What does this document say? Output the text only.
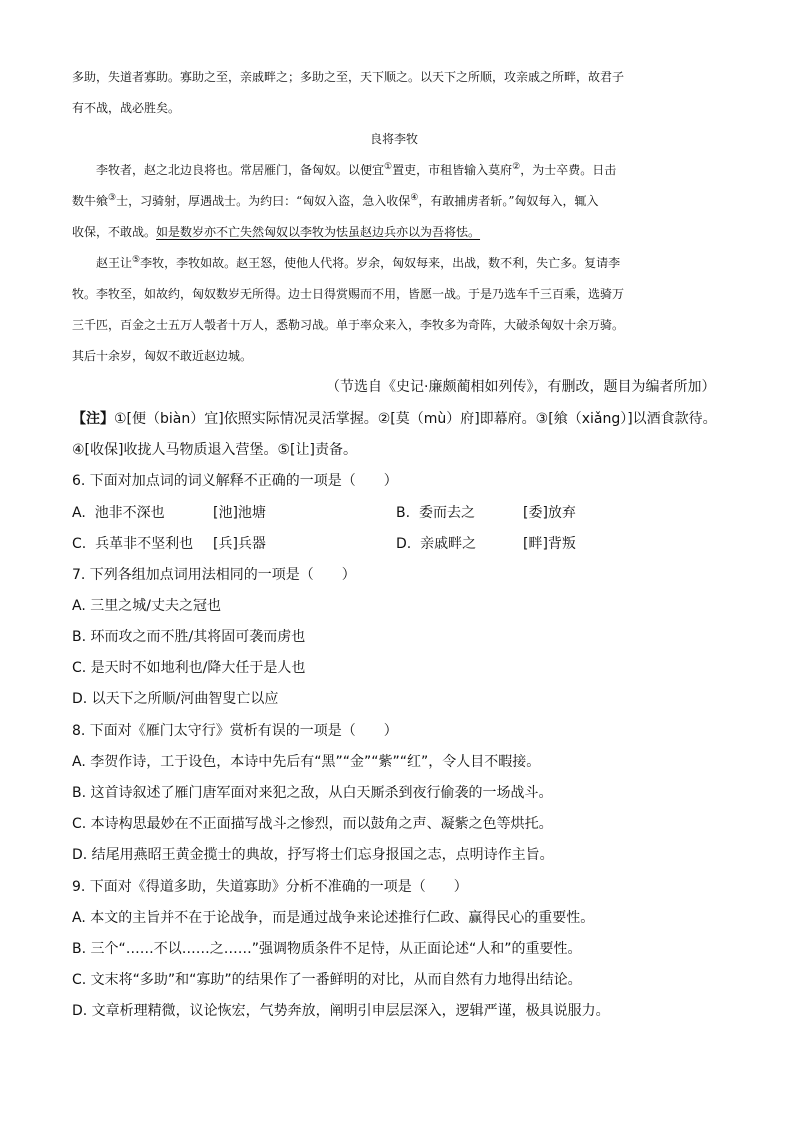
多助，失道者寡助。寡助之至，亲戚畔之；多助之至，天下顺之。以天下之所顺，攻亲戚之所畔，故君子
有不战，战必胜矣。
良将李牧
李牧者，赵之北边良将也。常居雁门，备匈奴。以便宜①置吏，市租皆输入莫府②，为士卒费。日击
数牛飨③士，习骑射，厚遇战士。为约曰：“匈奴入盗，急入收保④，有敢捕虏者斩。”匈奴每入，辄入
收保，不敢战。如是数岁亦不亡失然匈奴以李牧为怯虽赵边兵亦以为吾将怯。
赵王让⑤李牧，李牧如故。赵王怒，使他人代将。岁余，匈奴每来，出战，数不利，失亡多。复请李
牧。李牧至，如故约，匈奴数岁无所得。边士日得赏赐而不用，皆愿一战。于是乃选车千三百乘，选骑万
三千匹，百金之士五万人彀者十万人，悉勒习战。单于率众来入，李牧多为奇阵，大破杀匈奴十余万骑。
其后十余岁，匈奴不敢近赵边城。
（节选自《史记·廉颇蔺相如列传》，有删改，题目为编者所加）
【注】①[便（biàn）宜]依照实际情况灵活掌握。②[莫（mù）府]即幕府。③[飨（xiǎng）]以酒食款待。
④[收保]收拢人马物质退入营堡。⑤[让]责备。
6. 下面对加点词的词义解释不正确的一项是（　　）
A. 池非不深也	[池]池塘	B. 委而去之	[委]放弃
C. 兵革非不坚利也 [兵]兵器	D. 亲戚畔之	[畔]背叛
7. 下列各组加点词用法相同的一项是（　　）
A. 三里之城/丈夫之冠也
B. 环而攻之而不胜/其将固可袭而虏也
C. 是天时不如地利也/降大任于是人也
D. 以天下之所顺/河曲智叟亡以应
8. 下面对《雁门太守行》赏析有误的一项是（　　）
A. 李贺作诗，工于设色，本诗中先后有“黑”“金”“紫”“红”，令人目不暇接。
B. 这首诗叙述了雁门唐军面对来犯之敌，从白天厮杀到夜行偷袭的一场战斗。
C. 本诗构思最妙在不正面描写战斗之惨烈，而以鼓角之声、凝紫之色等烘托。
D. 结尾用燕昭王黄金揽士的典故，抒写将士们忘身报国之志，点明诗作主旨。
9. 下面对《得道多助，失道寡助》分析不准确的一项是（　　）
A. 本文的主旨并不在于论战争，而是通过战争来论述推行仁政、赢得民心的重要性。
B. 三个“……不以……之……”强调物质条件不足恃，从正面论述“人和”的重要性。
C. 文末将“多助”和“寡助”的结果作了一番鲜明的对比，从而自然有力地得出结论。
D. 文章析理精微，议论恢宏，气势奔放，阐明引申层层深入，逻辑严谨，极具说服力。
